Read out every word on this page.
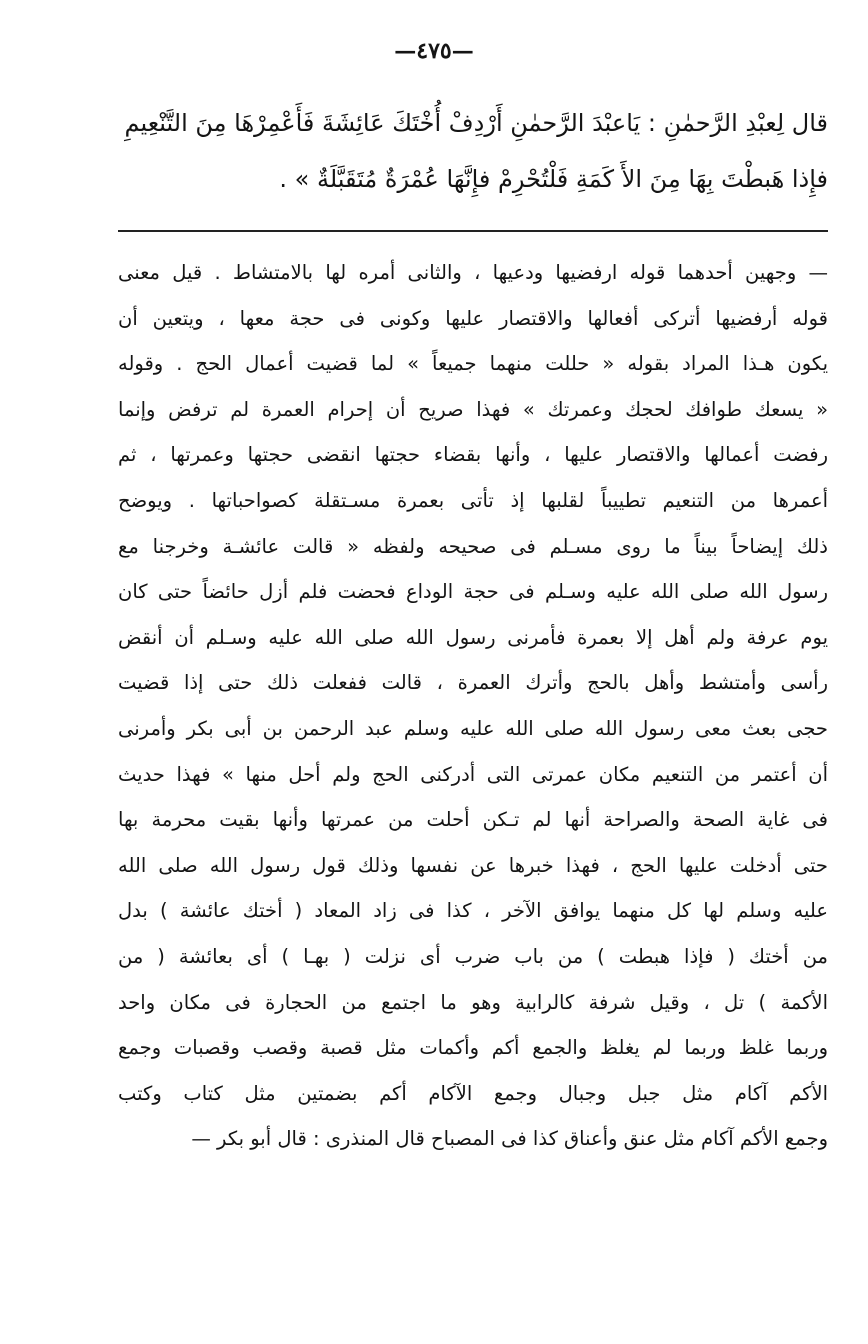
—٤٧٥—
قال لِعبْدِ الرَّحمٰنِ : يَاعبْدَ الرَّحمٰنِ أَرْدِفْ أُخْتَكَ عَائِشَةَ فَأَعْمِرْهَا مِنَ التَّنْعِيمِ
فإِذا هَبطْتَ بِهَا مِنَ الأَ كَمَةِ فَلْتُحْرِمْ فإِنَّهَا عُمْرَةٌ مُتَقَبَّلَةٌ » .
— وجهين أحدهما قوله ارفضيها ودعيها ، والثانى أمره لها بالامتشاط . قيل معنى
قوله أرفضيها أتركى أفعالها والاقتصار عليها وكونى فى حجة معها ، ويتعين أن
يكون هـذا المراد بقوله « حللت منهما جميعاً » لما قضيت أعمال الحج . وقوله
« يسعك طوافك لحجك وعمرتك » فهذا صريح أن إحرام العمرة لم ترفض وإنما
رفضت أعمالها والاقتصار عليها ، وأنها بقضاء حجتها انقضى حجتها وعمرتها ، ثم
أعمرها من التنعيم تطييباً لقلبها إذ تأتى بعمرة مسـتقلة كصواحباتها . ويوضح
ذلك إيضاحاً بيناً ما روى مسـلم فى صحيحه ولفظه « قالت عائشـة وخرجنا مع
رسول الله صلى الله عليه وسـلم فى حجة الوداع فحضت فلم أزل حائضاً حتى كان
يوم عرفة ولم أهل إلا بعمرة فأمرنى رسول الله صلى الله عليه وسـلم أن أنقض
رأسى وأمتشط وأهل بالحج وأترك العمرة ، قالت ففعلت ذلك حتى إذا قضيت
حجى بعث معى رسول الله صلى الله عليه وسلم عبد الرحمن بن أبى بكر وأمرنى
أن أعتمر من التنعيم مكان عمرتى التى أدركنى الحج ولم أحل منها » فهذا حديث
فى غاية الصحة والصراحة أنها لم تـكن أحلت من عمرتها وأنها بقيت محرمة بها
حتى أدخلت عليها الحج ، فهذا خبرها عن نفسها وذلك قول رسول الله صلى الله
عليه وسلم لها كل منهما يوافق الآخر ، كذا فى زاد المعاد ( أختك عائشة ) بدل
من أختك ( فإذا هبطت ) من باب ضرب أى نزلت ( بهـا ) أى بعائشة ( من
الأكمة ) تل ، وقيل شرفة كالرابية وهو ما اجتمع من الحجارة فى مكان واحد
وربما غلظ وربما لم يغلظ والجمع أكم وأكمات مثل قصبة وقصب وقصبات وجمع
الأكم آكام مثل جبل وجبال وجمع الآكام أكم بضمتين مثل كتاب وكتب
وجمع الأكم آكام مثل عنق وأعناق كذا فى المصباح قال المنذرى : قال أبو بكر —
